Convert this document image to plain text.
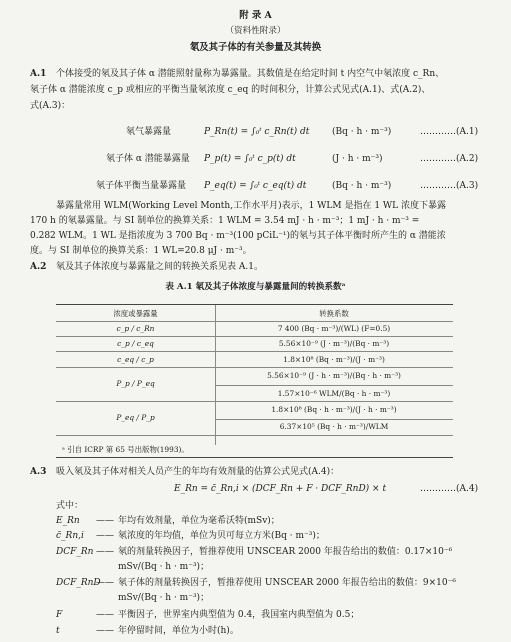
附 录 A
（资料性附录）
氡及其子体的有关参量及其转换
A.1 个体接受的氡及其子体 α 潜能照射量称为暴露量。其数值是在给定时间 t 内空气中氡浓度 c_Rn、
氡子体 α 潜能浓度 c_p 或相应的平衡当量氡浓度 c_eq 的时间积分，计算公式见式(A.1)、式(A.2)、
式(A.3)：
氡气暴露量	P_Rn(t) = ∫₀ᵗ c_Rn(t) dt	(Bq · h · m⁻³)	…………(A.1)
氡子体 α 潜能暴露量 P_p(t) = ∫₀ᵗ c_p(t) dt	(J · h · m⁻³)	…………(A.2)
氡子体平衡当量暴露量 P_eq(t) = ∫₀ᵗ c_eq(t) dt	(Bq · h · m⁻³)	…………(A.3)
暴露量常用 WLM(Working Level Month,工作水平月)表示，1 WLM 是指在 1 WL 浓度下暴露
170 h 的氡暴露量。与 SI 制单位的换算关系：1 WLM = 3.54 mJ · h · m⁻³；1 mJ · h · m⁻³ =
0.282 WLM。1 WL 是指浓度为 3 700 Bq · m⁻³(100 pCiL⁻¹)的氡与其子体平衡时所产生的 α 潜能浓
度。与 SI 制单位的换算关系：1 WL=20.8 μJ · m⁻³。
A.2 氡及其子体浓度与暴露量之间的转换关系见表 A.1。
表 A.1 氡及其子体浓度与暴露量间的转换系数ᵃ
浓度或暴露量	转换系数
c_p / c_Rn	7 400 (Bq · m⁻³)/(WL) (F=0.5)
c_p / c_eq	5.56×10⁻⁹ (J · m⁻³)/(Bq · m⁻³)
c_eq / c_p	1.8×10⁸ (Bq · m⁻³)/(J · m⁻³)
P_p / P_eq
5.56×10⁻⁹ (J · h · m⁻³)/(Bq · h · m⁻³)
1.57×10⁻⁶ WLM/(Bq · h · m⁻³)
P_eq / P_p
1.8×10⁸ (Bq · h · m⁻³)/(J · h · m⁻³)
6.37×10⁵ (Bq · h · m⁻³)/WLM
ᵃ 引自 ICRP 第 65 号出版物(1993)。
A.3 吸入氡及其子体对相关人员产生的年均有效剂量的估算公式见式(A.4)：
E_Rn = c̄_Rn,i × (DCF_Rn + F · DCF_RnD) × t	…………(A.4)
式中：
E_Rn —— 年均有效剂量，单位为毫希沃特(mSv)；
c̄_Rn,i —— 氡浓度的年均值，单位为贝可每立方米(Bq · m⁻³)；
DCF_Rn —— 氡的剂量转换因子，暂推荐使用 UNSCEAR 2000 年报告给出的数值：0.17×10⁻⁶
mSv/(Bq · h · m⁻³)；
DCF_RnD
—— 氡子体的剂量转换因子，暂推荐使用 UNSCEAR 2000 年报告给出的数值：9×10⁻⁶
mSv/(Bq · h · m⁻³)；
F	—— 平衡因子，世界室内典型值为 0.4，我国室内典型值为 0.5；
t	—— 年停留时间，单位为小时(h)。
